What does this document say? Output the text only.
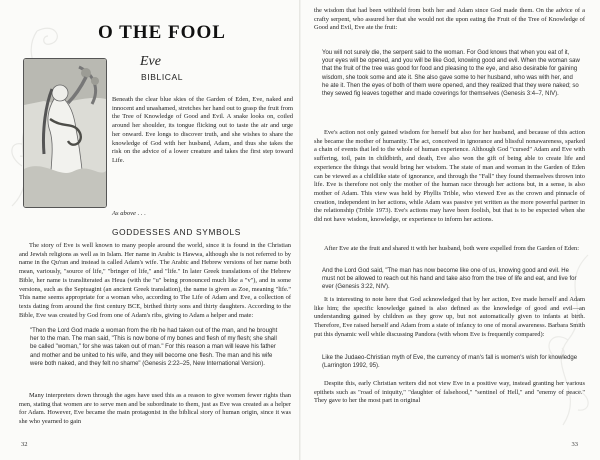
O THE FOOL
Eve
BIBLICAL

Beneath the clear blue skies of the Garden of Eden, Eve, naked and innocent and unashamed, stretches her hand out to grasp the fruit from the Tree of Knowledge of Good and Evil. A snake looks on, coiled around her shoulder, its tongue flicking out to taste the air and urge her onward. Eve longs to discover truth, and she wishes to share the knowledge of God with her husband, Adam, and thus she takes the risk on the advice of a lower creature and takes the first step toward Life.

As above . . .
GODDESSES AND SYMBOLS

The story of Eve is well known to many people around the world, since it is found in the Christian and Jewish religions as well as in Islam. Her name in Arabic is Hawwa, although she is not referred to by name in the Qu'ran and instead is called Adam's wife. The Arabic and Hebrew versions of her name both mean, variously, "source of life," "bringer of life," and "life." In later Greek translations of the Hebrew Bible, her name is transliterated as Heua (with the "u" being pronounced much like a "v"), and in some versions, such as the Septuagint (an ancient Greek translation), the name is given as Zoe, meaning "life." This name seems appropriate for a woman who, according to The Life of Adam and Eve, a collection of texts dating from around the first century BCE, birthed thirty sons and thirty daughters. According to the Bible, Eve was created by God from one of Adam's ribs, giving to Adam a helper and mate:

"Then the Lord God made a woman from the rib he had taken out of the man, and he brought her to the man. The man said, "This is now bone of my bones and flesh of my flesh; she shall be called "woman," for she was taken out of man." For this reason a man will leave his father and mother and be united to his wife, and they will become one flesh. The man and his wife were both naked, and they felt no shame" (Genesis 2:22–25, New International Version).

Many interpreters down through the ages have used this as a reason to give women fewer rights than men, stating that women are to serve men and be subordinate to them, just as Eve was created as a helper for Adam. However, Eve became the main protagonist in the biblical story of human origin, since it was she who yearned to gain

32

the wisdom that had been withheld from both her and Adam since God made them. On the advice of a crafty serpent, who assured her that she would not die upon eating the Fruit of the Tree of Knowledge of Good and Evil, Eve ate the fruit:

You will not surely die, the serpent said to the woman. For God knows that when you eat of it, your eyes will be opened, and you will be like God, knowing good and evil. When the woman saw that the fruit of the tree was good for food and pleasing to the eye, and also desirable for gaining wisdom, she took some and ate it. She also gave some to her husband, who was with her, and he ate it. Then the eyes of both of them were opened, and they realized that they were naked; so they sewed fig leaves together and made coverings for themselves (Genesis 3:4–7, NIV).

Eve's action not only gained wisdom for herself but also for her husband, and because of this action she became the mother of humanity. The act, conceived in ignorance and blissful nonawareness, sparked a chain of events that led to the whole of human experience. Although God "cursed" Adam and Eve with suffering, toil, pain in childbirth, and death, Eve also won the gift of being able to create life and experience the things that would bring her wisdom. The state of man and woman in the Garden of Eden can be viewed as a childlike state of ignorance, and through the "Fall" they found themselves thrown into life. Eve is therefore not only the mother of the human race through her actions but, in a sense, is also mother of Adam. This view was held by Phyllis Trible, who viewed Eve as the crown and pinnacle of creation, independent in her actions, while Adam was passive yet written as the more powerful partner in the relationship (Trible 1973). Eve's actions may have been foolish, but that is to be expected when she did not have wisdom, knowledge, or experience to inform her actions.

After Eve ate the fruit and shared it with her husband, both were expelled from the Garden of Eden:

And the Lord God said, "The man has now become like one of us, knowing good and evil. He must not be allowed to reach out his hand and take also from the tree of life and eat, and live for ever (Genesis 3:22, NIV).

It is interesting to note here that God acknowledged that by her action, Eve made herself and Adam like him; the specific knowledge gained is also defined as the knowledge of good and evil—an understanding gained by children as they grow up, but not automatically given to infants at birth. Therefore, Eve raised herself and Adam from a state of infancy to one of moral awareness. Barbara Smith put this dynamic well while discussing Pandora (with whom Eve is frequently compared):

Like the Judaeo-Christian myth of Eve, the currency of man's fall is women's wish for knowledge (Larrington 1992, 95).

Despite this, early Christian writers did not view Eve in a positive way, instead granting her various epithets such as "road of iniquity," "daughter of falsehood," "sentinel of Hell," and "enemy of peace." They gave to her the most part in original

33
